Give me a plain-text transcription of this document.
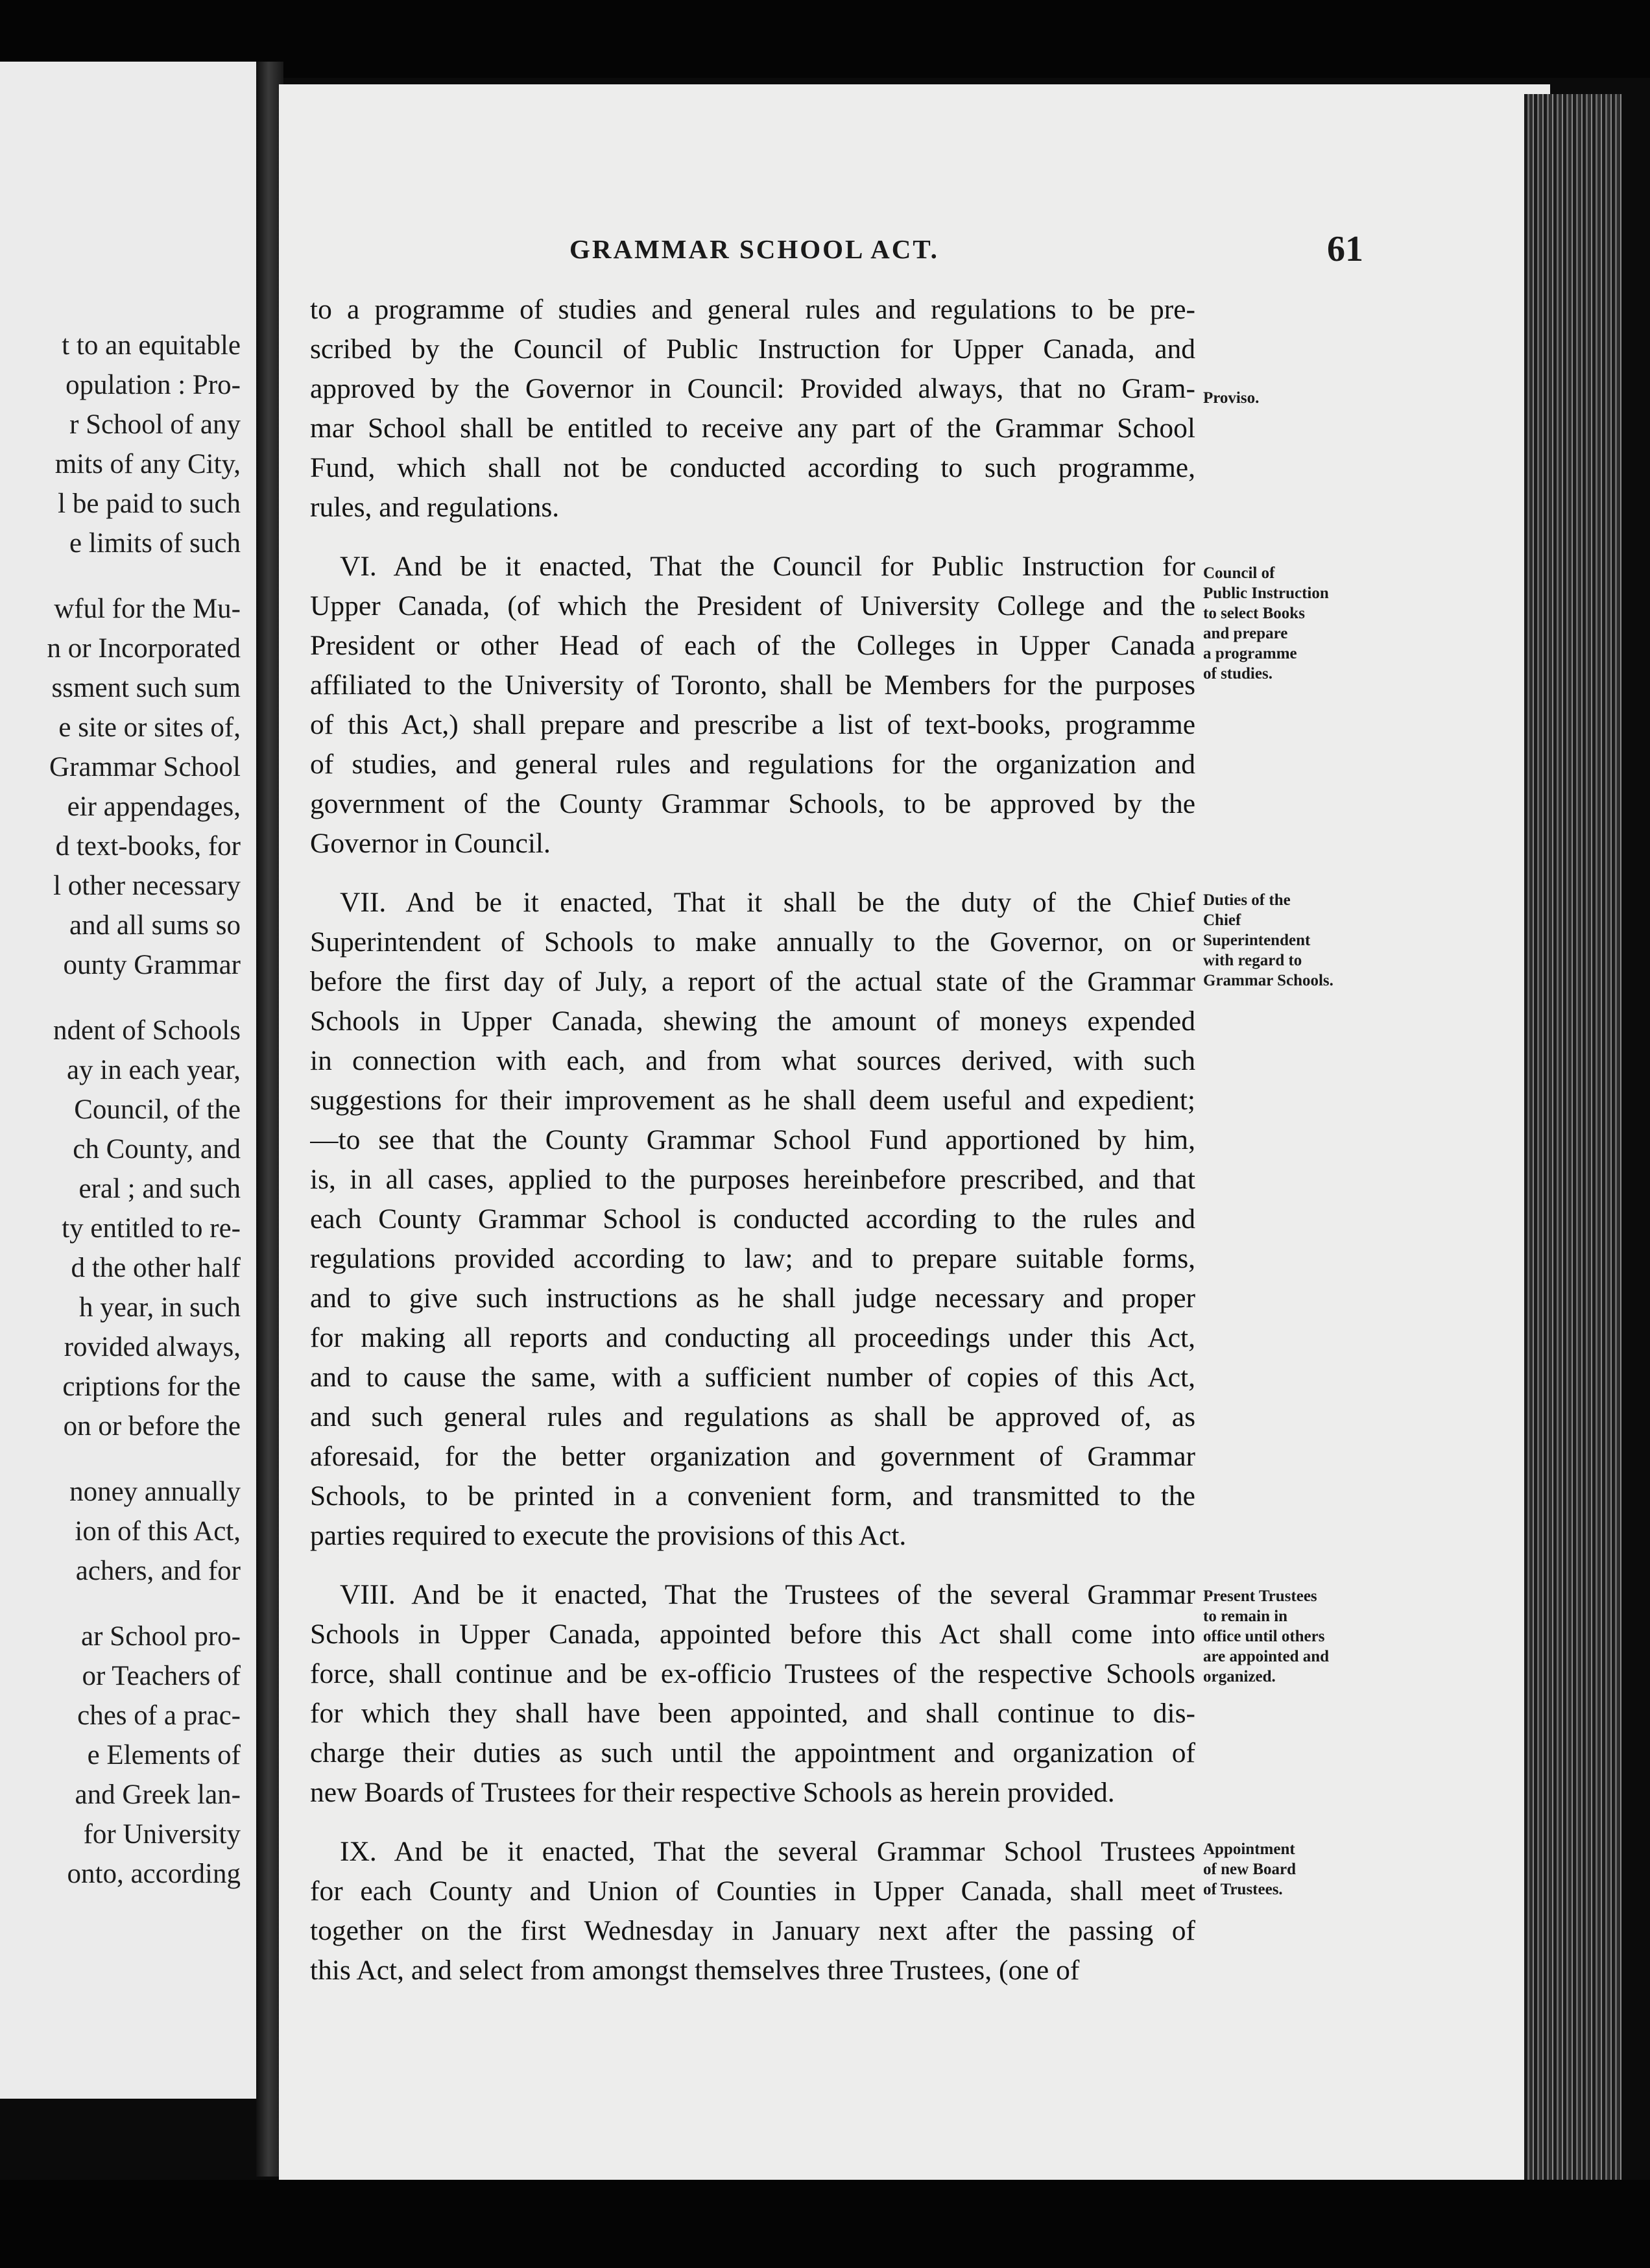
t to an equitable
opulation : Pro-
r School of any
mits of any City,
l be paid to such
e limits of such
wful for the Mu-
n or Incorporated
ssment such sum
e site or sites of,
Grammar School
eir appendages,
d text-books, for
l other necessary
and all sums so
ounty Grammar
ndent of Schools
ay in each year,
Council, of the
ch County, and
eral ; and such
ty entitled to re-
d the other half
h year, in such
rovided always,
criptions for the
on or before the
noney annually
ion of this Act,
achers, and for
ar School pro-
or Teachers of
ches of a prac-
e Elements of
and Greek lan-
for University
onto, according
GRAMMAR SCHOOL ACT.	61
to a programme of studies and general rules and regulations to be pre-
scribed by the Council of Public Instruction for Upper Canada, and
approved by the Governor in Council: Provided always, that no Gram-
mar School shall be entitled to receive any part of the Grammar School
Fund, which shall not be conducted according to such programme,
rules, and regulations.
VI. And be it enacted, That the Council for Public Instruction for
Upper Canada, (of which the President of University College and the
President or other Head of each of the Colleges in Upper Canada
affiliated to the University of Toronto, shall be Members for the purposes
of this Act,) shall prepare and prescribe a list of text-books, programme
of studies, and general rules and regulations for the organization and
government of the County Grammar Schools, to be approved by the
Governor in Council.
VII. And be it enacted, That it shall be the duty of the Chief
Superintendent of Schools to make annually to the Governor, on or
before the first day of July, a report of the actual state of the Grammar
Schools in Upper Canada, shewing the amount of moneys expended
in connection with each, and from what sources derived, with such
suggestions for their improvement as he shall deem useful and expedient;
—to see that the County Grammar School Fund apportioned by him,
is, in all cases, applied to the purposes hereinbefore prescribed, and that
each County Grammar School is conducted according to the rules and
regulations provided according to law; and to prepare suitable forms,
and to give such instructions as he shall judge necessary and proper
for making all reports and conducting all proceedings under this Act,
and to cause the same, with a sufficient number of copies of this Act,
and such general rules and regulations as shall be approved of, as
aforesaid, for the better organization and government of Grammar
Schools, to be printed in a convenient form, and transmitted to the
parties required to execute the provisions of this Act.
VIII. And be it enacted, That the Trustees of the several Grammar
Schools in Upper Canada, appointed before this Act shall come into
force, shall continue and be ex-officio Trustees of the respective Schools
for which they shall have been appointed, and shall continue to dis-
charge their duties as such until the appointment and organization of
new Boards of Trustees for their respective Schools as herein provided.
IX. And be it enacted, That the several Grammar School Trustees
for each County and Union of Counties in Upper Canada, shall meet
together on the first Wednesday in January next after the passing of
this Act, and select from amongst themselves three Trustees, (one of
Proviso.
Council of
Public Instruction
to select Books
and prepare
a programme
of studies.
Duties of the
Chief
Superintendent
with regard to
Grammar Schools.
Present Trustees
to remain in
office until others
are appointed and
organized.
Appointment
of new Board
of Trustees.
